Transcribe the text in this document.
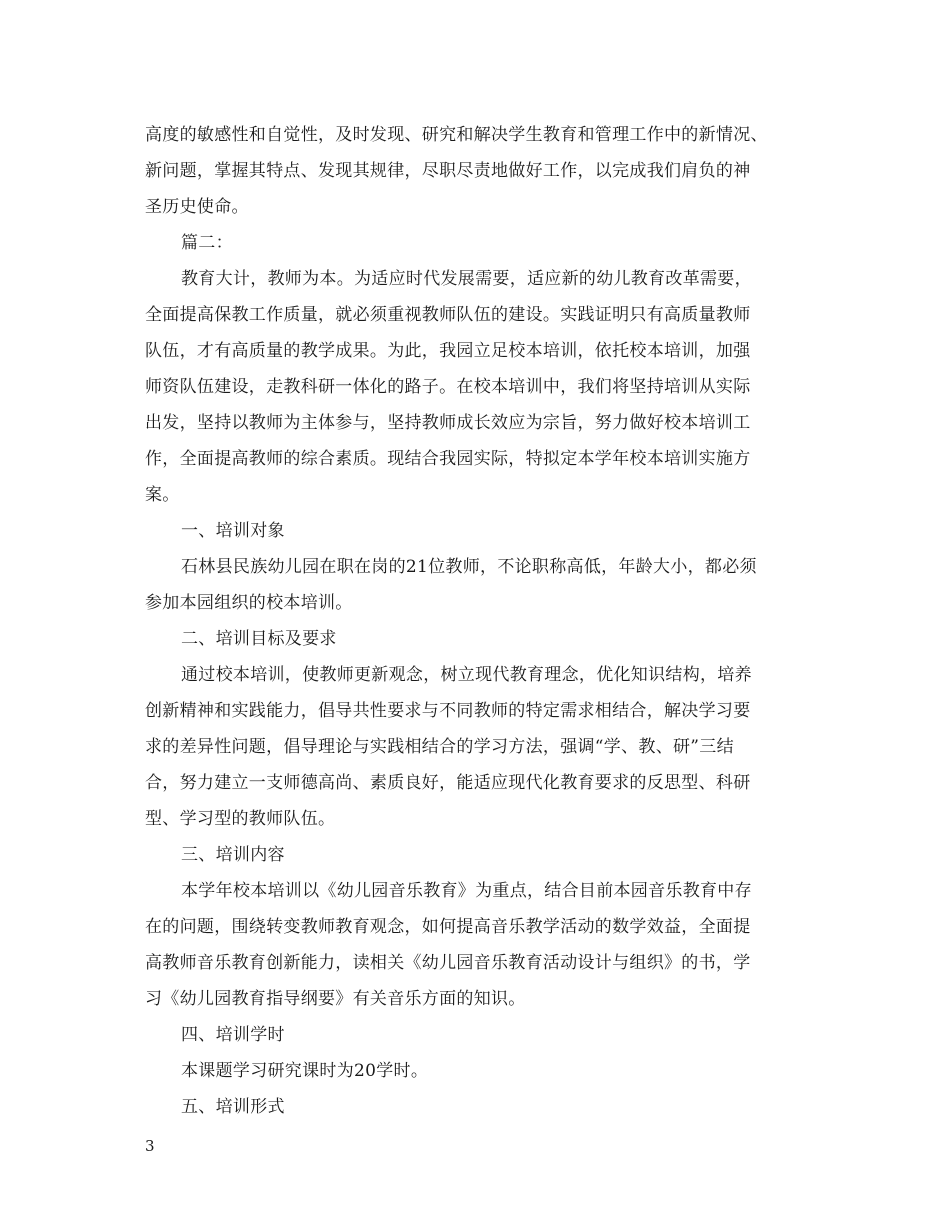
高度的敏感性和自觉性，及时发现、研究和解决学生教育和管理工作中的新情况、
新问题，掌握其特点、发现其规律，尽职尽责地做好工作，以完成我们肩负的神
圣历史使命。
篇二：
教育大计，教师为本。为适应时代发展需要，适应新的幼儿教育改革需要，
全面提高保教工作质量，就必须重视教师队伍的建设。实践证明只有高质量教师
队伍，才有高质量的教学成果。为此，我园立足校本培训，依托校本培训，加强
师资队伍建设，走教科研一体化的路子。在校本培训中，我们将坚持培训从实际
出发，坚持以教师为主体参与，坚持教师成长效应为宗旨，努力做好校本培训工
作，全面提高教师的综合素质。现结合我园实际，特拟定本学年校本培训实施方
案。
一、培训对象
石林县民族幼儿园在职在岗的21位教师，不论职称高低，年龄大小，都必须
参加本园组织的校本培训。
二、培训目标及要求
通过校本培训，使教师更新观念，树立现代教育理念，优化知识结构，培养
创新精神和实践能力，倡导共性要求与不同教师的特定需求相结合，解决学习要
求的差异性问题，倡导理论与实践相结合的学习方法，强调“学、教、研”三结
合，努力建立一支师德高尚、素质良好，能适应现代化教育要求的反思型、科研
型、学习型的教师队伍。
三、培训内容
本学年校本培训以《幼儿园音乐教育》为重点，结合目前本园音乐教育中存
在的问题，围绕转变教师教育观念，如何提高音乐教学活动的数学效益，全面提
高教师音乐教育创新能力，读相关《幼儿园音乐教育活动设计与组织》的书，学
习《幼儿园教育指导纲要》有关音乐方面的知识。
四、培训学时
本课题学习研究课时为20学时。
五、培训形式
3
